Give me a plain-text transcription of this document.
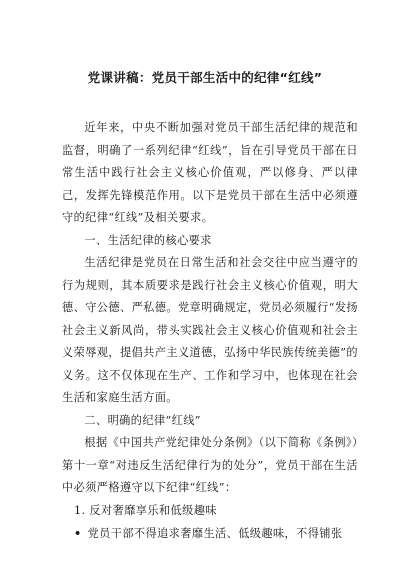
党课讲稿：党员干部生活中的纪律“红线”

近年来，中央不断加强对党员干部生活纪律的规范和监督，明确了一系列纪律“红线”，旨在引导党员干部在日常生活中践行社会主义核心价值观，严以修身、严以律己，发挥先锋模范作用。以下是党员干部在生活中必须遵守的纪律“红线”及相关要求。

一、生活纪律的核心要求

生活纪律是党员在日常生活和社会交往中应当遵守的行为规则，其本质要求是践行社会主义核心价值观，明大德、守公德、严私德。党章明确规定，党员必须履行“发扬社会主义新风尚，带头实践社会主义核心价值观和社会主义荣辱观，提倡共产主义道德，弘扬中华民族传统美德”的义务。这不仅体现在生产、工作和学习中，也体现在社会生活和家庭生活方面。

二、明确的纪律“红线”

根据《中国共产党纪律处分条例》（以下简称《条例》）第十一章“对违反生活纪律行为的处分”，党员干部在生活中必须严格遵守以下纪律“红线”：

1. 反对奢靡享乐和低级趣味

• 党员干部不得追求奢靡生活、低级趣味，不得铺张
